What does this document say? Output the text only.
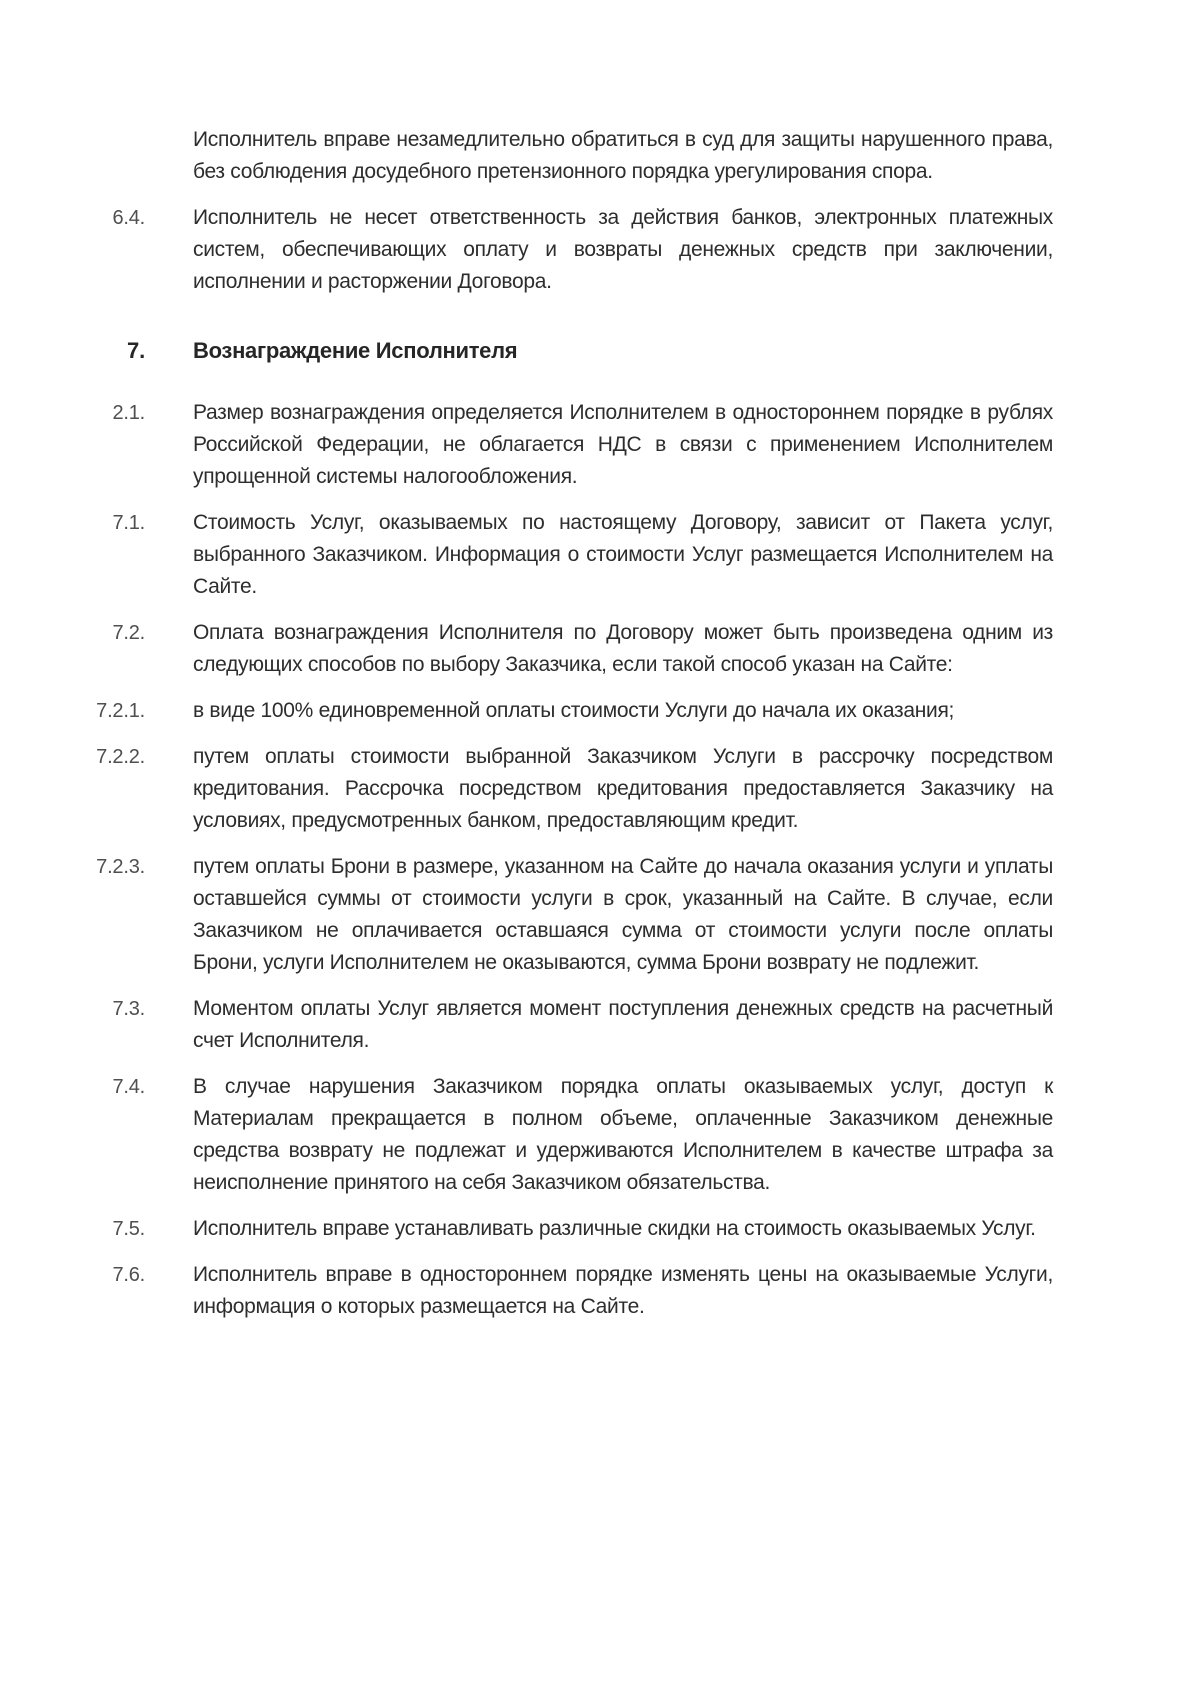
Исполнитель вправе незамедлительно обратиться в суд для защиты нарушенного права, без соблюдения досудебного претензионного порядка урегулирования спора.
6.4. Исполнитель не несет ответственность за действия банков, электронных платежных систем, обеспечивающих оплату и возвраты денежных средств при заключении, исполнении и расторжении Договора.
7. Вознаграждение Исполнителя
2.1. Размер вознаграждения определяется Исполнителем в одностороннем порядке в рублях Российской Федерации, не облагается НДС в связи с применением Исполнителем упрощенной системы налогообложения.
7.1. Стоимость Услуг, оказываемых по настоящему Договору, зависит от Пакета услуг, выбранного Заказчиком. Информация о стоимости Услуг размещается Исполнителем на Сайте.
7.2. Оплата вознаграждения Исполнителя по Договору может быть произведена одним из следующих способов по выбору Заказчика, если такой способ указан на Сайте:
7.2.1. в виде 100% единовременной оплаты стоимости Услуги до начала их оказания;
7.2.2. путем оплаты стоимости выбранной Заказчиком Услуги в рассрочку посредством кредитования. Рассрочка посредством кредитования предоставляется Заказчику на условиях, предусмотренных банком, предоставляющим кредит.
7.2.3. путем оплаты Брони в размере, указанном на Сайте до начала оказания услуги и уплаты оставшейся суммы от стоимости услуги в срок, указанный на Сайте. В случае, если Заказчиком не оплачивается оставшаяся сумма от стоимости услуги после оплаты Брони, услуги Исполнителем не оказываются, сумма Брони возврату не подлежит.
7.3. Моментом оплаты Услуг является момент поступления денежных средств на расчетный счет Исполнителя.
7.4. В случае нарушения Заказчиком порядка оплаты оказываемых услуг, доступ к Материалам прекращается в полном объеме, оплаченные Заказчиком денежные средства возврату не подлежат и удерживаются Исполнителем в качестве штрафа за неисполнение принятого на себя Заказчиком обязательства.
7.5. Исполнитель вправе устанавливать различные скидки на стоимость оказываемых Услуг.
7.6. Исполнитель вправе в одностороннем порядке изменять цены на оказываемые Услуги, информация о которых размещается на Сайте.
